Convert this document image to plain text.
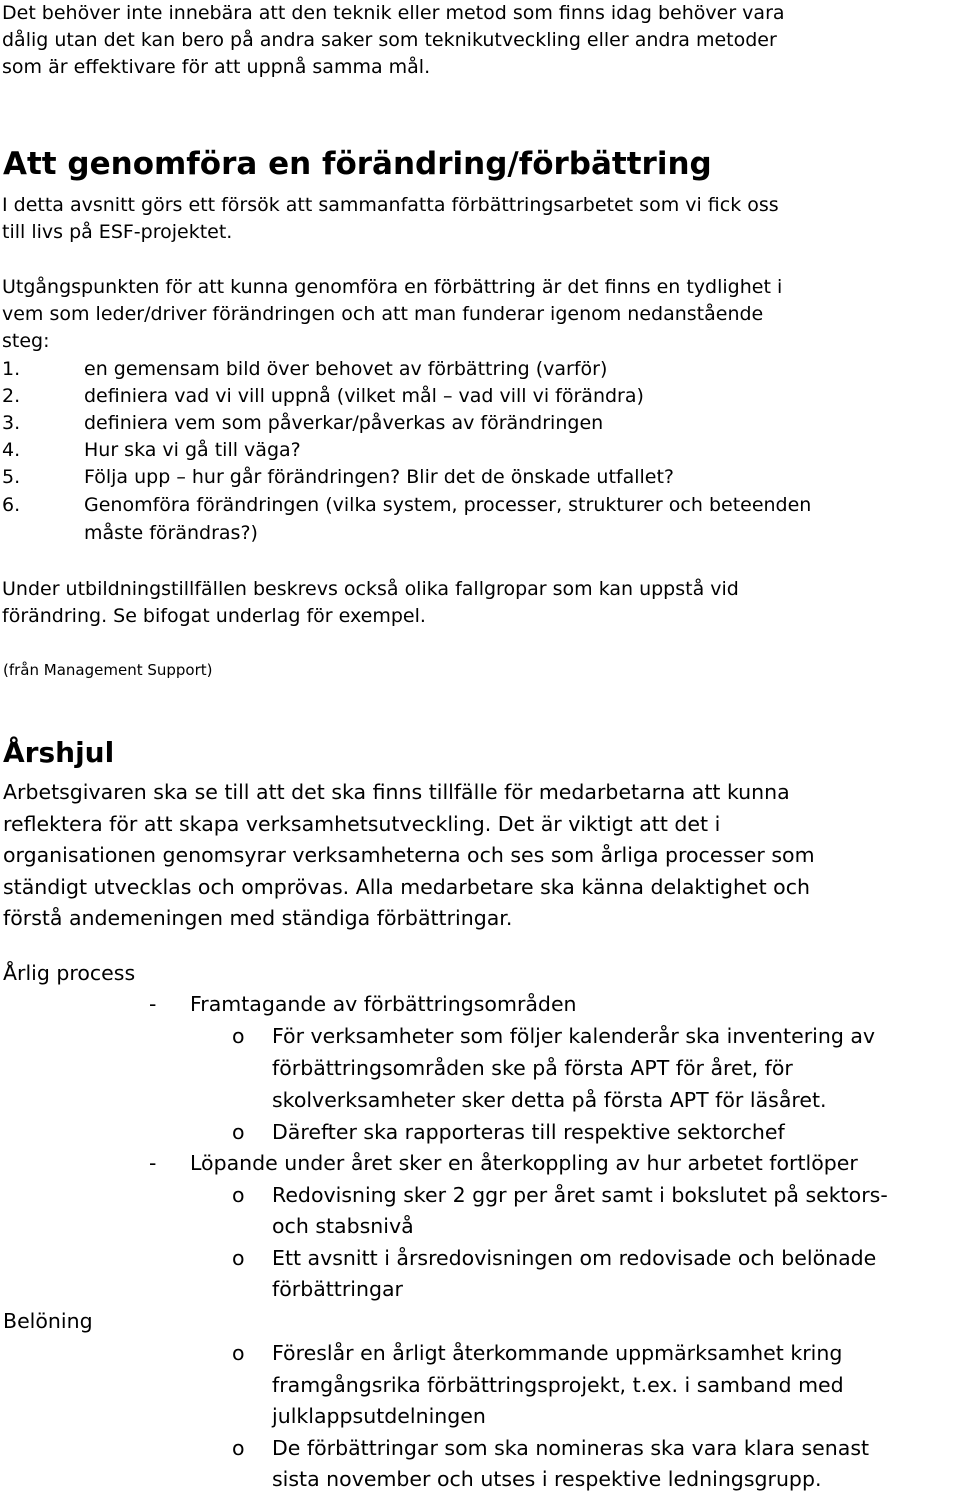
Det behöver inte innebära att den teknik eller metod som finns idag behöver vara
dålig utan det kan bero på andra saker som teknikutveckling eller andra metoder
som är effektivare för att uppnå samma mål.
Att genomföra en förändring/förbättring
I detta avsnitt görs ett försök att sammanfatta förbättringsarbetet som vi fick oss
till livs på ESF-projektet.
Utgångspunkten för att kunna genomföra en förbättring är det finns en tydlighet i
vem som leder/driver förändringen och att man funderar igenom nedanstående
steg:
1.	en gemensam bild över behovet av förbättring (varför)
2.	definiera vad vi vill uppnå (vilket mål – vad vill vi förändra)
3.	definiera vem som påverkar/påverkas av förändringen
4.	Hur ska vi gå till väga?
5.	Följa upp – hur går förändringen? Blir det de önskade utfallet?
6.	Genomföra förändringen (vilka system, processer, strukturer och beteenden
måste förändras?)
Under utbildningstillfällen beskrevs också olika fallgropar som kan uppstå vid
förändring. Se bifogat underlag för exempel.
(från Management Support)
Årshjul
Arbetsgivaren ska se till att det ska finns tillfälle för medarbetarna att kunna
reflektera för att skapa verksamhetsutveckling. Det är viktigt att det i
organisationen genomsyrar verksamheterna och ses som årliga processer som
ständigt utvecklas och omprövas. Alla medarbetare ska känna delaktighet och
förstå andemeningen med ständiga förbättringar.
Årlig process
- Framtagande av förbättringsområden
o För verksamheter som följer kalenderår ska inventering av
förbättringsområden ske på första APT för året, för
skolverksamheter sker detta på första APT för läsåret.
o Därefter ska rapporteras till respektive sektorchef
- Löpande under året sker en återkoppling av hur arbetet fortlöper
o Redovisning sker 2 ggr per året samt i bokslutet på sektors-
och stabsnivå
o Ett avsnitt i årsredovisningen om redovisade och belönade
förbättringar
Belöning
o Föreslår en årligt återkommande uppmärksamhet kring
framgångsrika förbättringsprojekt, t.ex. i samband med
julklappsutdelningen
o De förbättringar som ska nomineras ska vara klara senast
sista november och utses i respektive ledningsgrupp.
